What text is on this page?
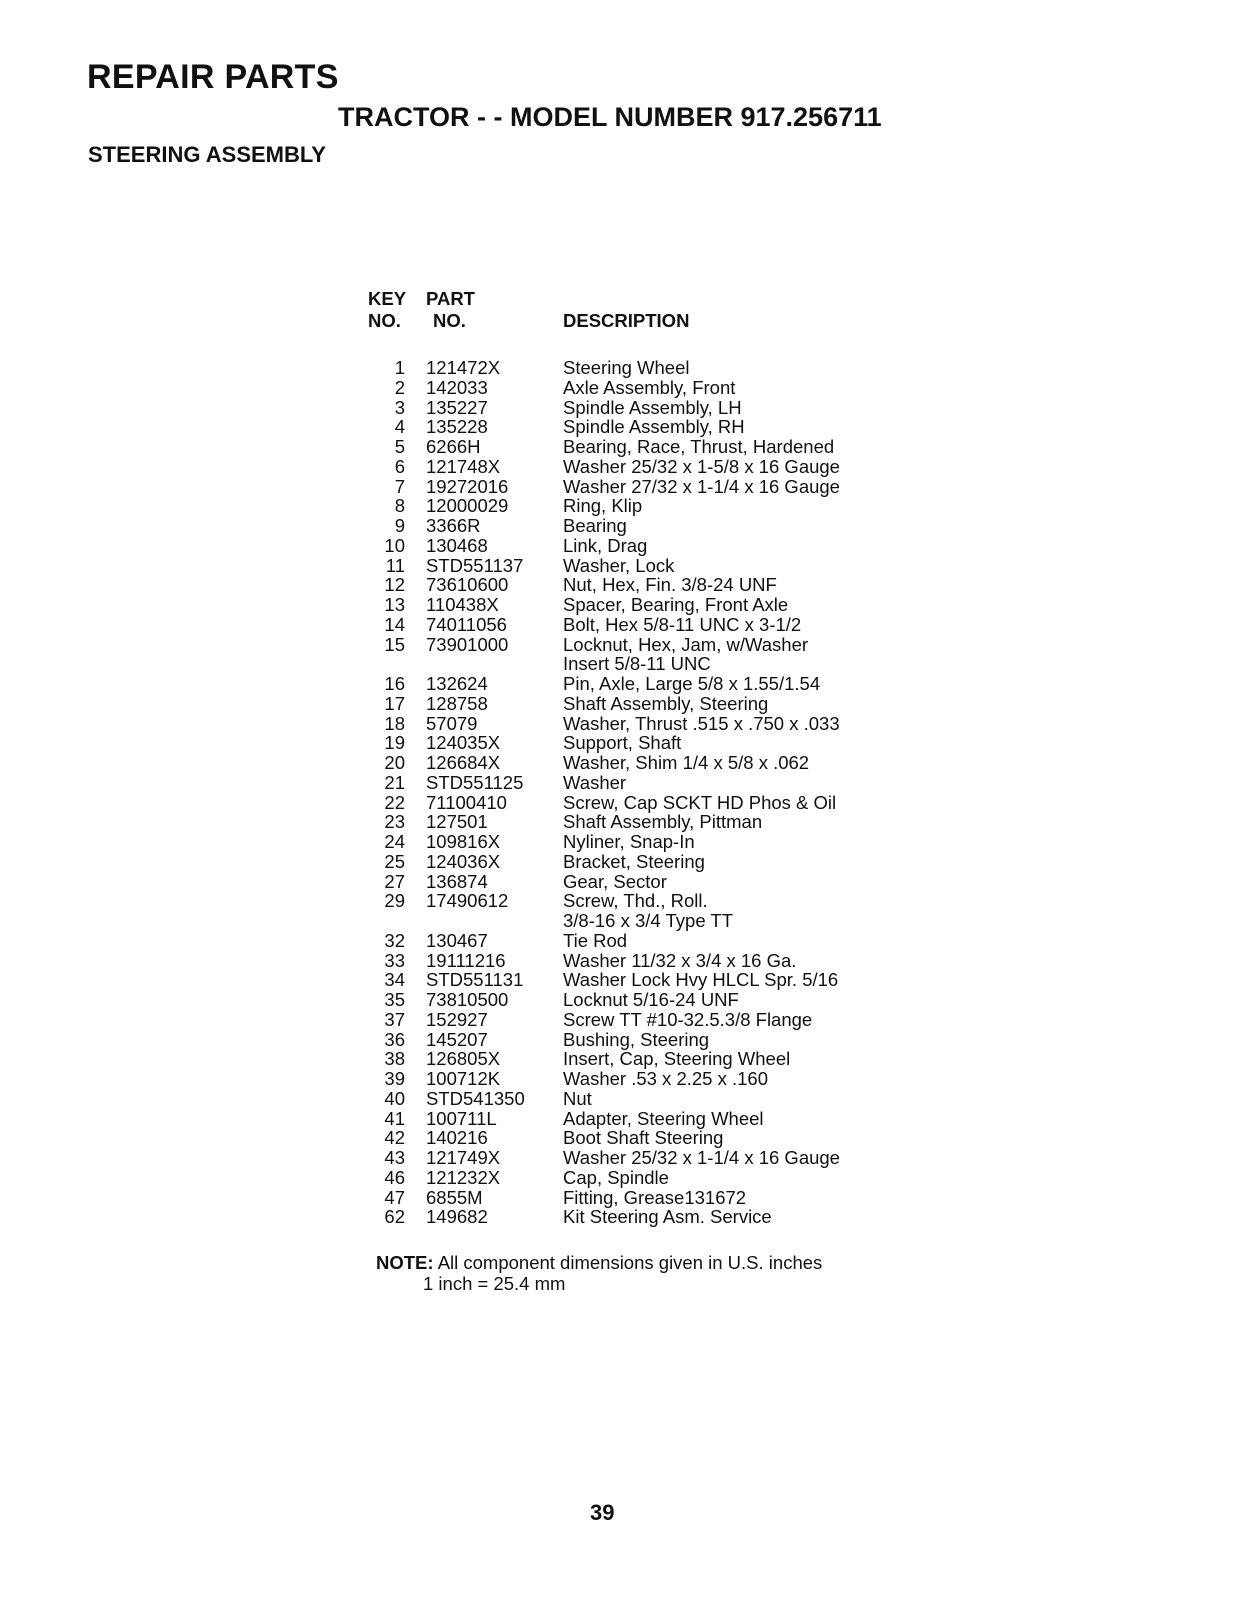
REPAIR PARTS
TRACTOR - - MODEL NUMBER 917.256711
STEERING ASSEMBLY
KEY
NO.
PART
NO.	DESCRIPTION
1 121472X	Steering Wheel
2 142033	Axle Assembly, Front
3 135227	Spindle Assembly, LH
4 135228	Spindle Assembly, RH
5 6266H	Bearing, Race, Thrust, Hardened
6 121748X	Washer 25/32 x 1-5/8 x 16 Gauge
7 19272016	Washer 27/32 x 1-1/4 x 16 Gauge
8 12000029	Ring, Klip
9 3366R	Bearing
10 130468	Link, Drag
11 STD551137 Washer, Lock
12 73610600	Nut, Hex, Fin. 3/8-24 UNF
13 110438X	Spacer, Bearing, Front Axle
14 74011056	Bolt, Hex 5/8-11 UNC x 3-1/2
15 73901000	Locknut, Hex, Jam, w/Washer
Insert 5/8-11 UNC
16 132624	Pin, Axle, Large 5/8 x 1.55/1.54
17 128758	Shaft Assembly, Steering
18 57079	Washer, Thrust .515 x .750 x .033
19 124035X	Support, Shaft
20 126684X	Washer, Shim 1/4 x 5/8 x .062
21 STD551125 Washer
22 71100410	Screw, Cap SCKT HD Phos & Oil
23 127501	Shaft Assembly, Pittman
24 109816X	Nyliner, Snap-In
25 124036X	Bracket, Steering
27 136874	Gear, Sector
29 17490612	Screw, Thd., Roll.
3/8-16 x 3/4 Type TT
32 130467	Tie Rod
33 19111216	Washer 11/32 x 3/4 x 16 Ga.
34 STD551131 Washer Lock Hvy HLCL Spr. 5/16
35 73810500	Locknut 5/16-24 UNF
37 152927	Screw TT #10-32.5.3/8 Flange
36 145207	Bushing, Steering
38 126805X	Insert, Cap, Steering Wheel
39 100712K	Washer .53 x 2.25 x .160
40 STD541350 Nut
41 100711L	Adapter, Steering Wheel
42 140216	Boot Shaft Steering
43 121749X	Washer 25/32 x 1-1/4 x 16 Gauge
46 121232X	Cap, Spindle
47 6855M	Fitting, Grease131672
62 149682	Kit Steering Asm. Service
NOTE: All component dimensions given in U.S. inches
1 inch = 25.4 mm
39
